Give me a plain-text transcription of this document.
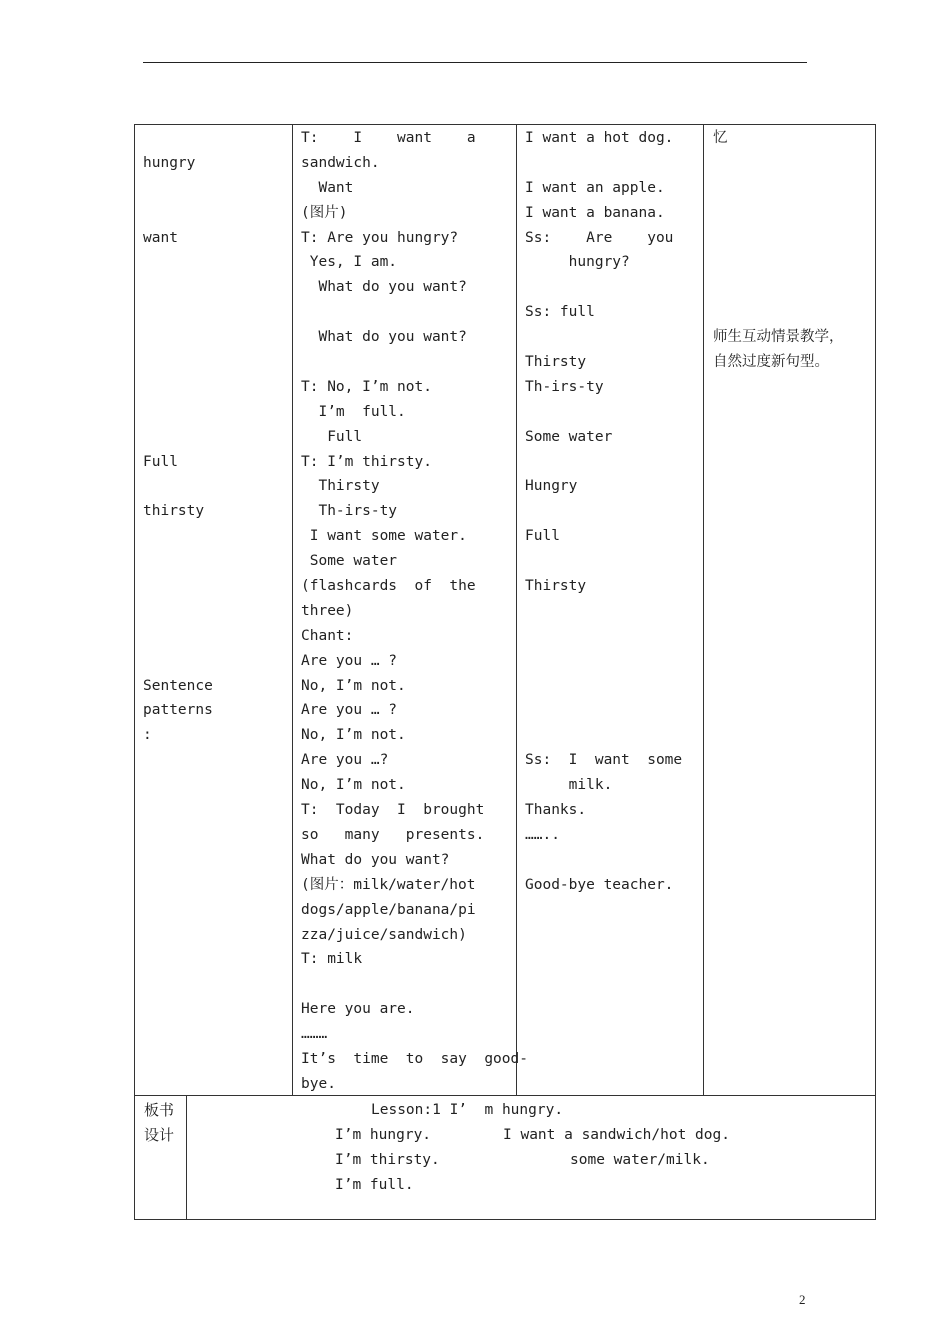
hungry
want
Full
thirsty
Sentence
patterns
:
T:    I    want    a
sandwich.
Want
(图片)
T: Are you hungry?
Yes, I am.
What do you want?
What do you want?
T: No, I’m not.
I’m  full.
Full
T: I’m thirsty.
Thirsty
Th-irs-ty
I want some water.
Some water
(flashcards  of  the
three)
Chant:
Are you … ?
No, I’m not.
Are you … ?
No, I’m not.
Are you …?
No, I’m not.
T:  Today  I  brought
so   many   presents.
What do you want?
(图片：milk/water/hot
dogs/apple/banana/pi
zza/juice/sandwich)
T: milk
Here you are.
………
It’s  time  to  say  good-
bye.
I want a hot dog.
I want an apple.
I want a banana.
Ss:    Are    you
hungry?
Ss: full
Thirsty
Th-irs-ty
Some water
Hungry
Full
Thirsty
Ss:  I  want  some
milk.
Thanks.
……..
Good-bye teacher.
忆
师生互动情景教学，
自然过度新句型。
板书
设计
Lesson:1 I’  m hungry.
I’m hungry.
I’m thirsty.
I’m full.
I want a sandwich/hot dog.
some water/milk.
2
